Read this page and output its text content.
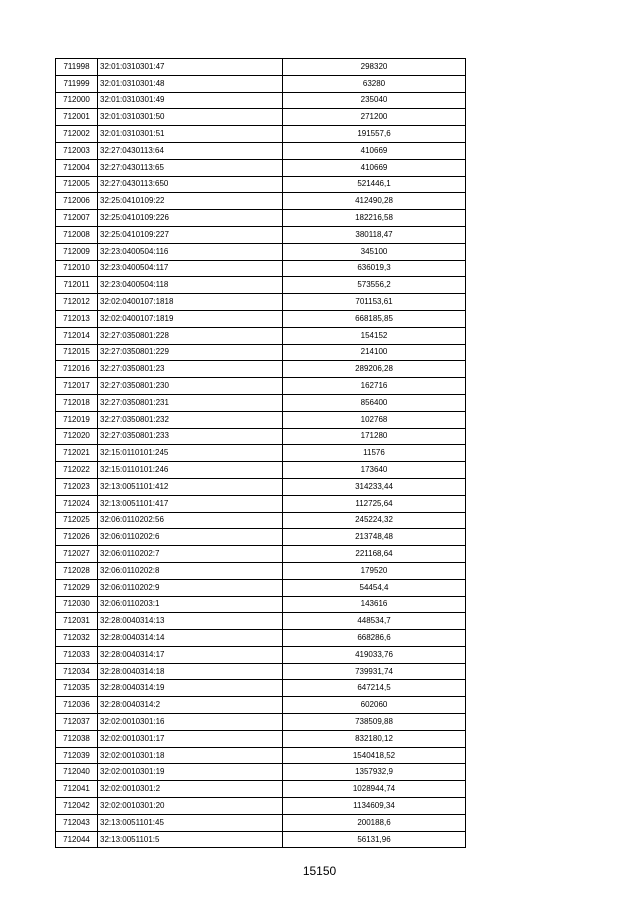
711998	32:01:0310301:47	298320
711999	32:01:0310301:48	63280
712000	32:01:0310301:49	235040
712001	32:01:0310301:50	271200
712002	32:01:0310301:51	191557,6
712003	32:27:0430113:64	410669
712004	32:27:0430113:65	410669
712005	32:27:0430113:650	521446,1
712006	32:25:0410109:22	412490,28
712007	32:25:0410109:226	182216,58
712008	32:25:0410109:227	380118,47
712009	32:23:0400504:116	345100
712010	32:23:0400504:117	636019,3
712011	32:23:0400504:118	573556,2
712012	32:02:0400107:1818	701153,61
712013	32:02:0400107:1819	668185,85
712014	32:27:0350801:228	154152
712015	32:27:0350801:229	214100
712016	32:27:0350801:23	289206,28
712017	32:27:0350801:230	162716
712018	32:27:0350801:231	856400
712019	32:27:0350801:232	102768
712020	32:27:0350801:233	171280
712021	32:15:0110101:245	11576
712022	32:15:0110101:246	173640
712023	32:13:0051101:412	314233,44
712024	32:13:0051101:417	112725,64
712025	32:06:0110202:56	245224,32
712026	32:06:0110202:6	213748,48
712027	32:06:0110202:7	221168,64
712028	32:06:0110202:8	179520
712029	32:06:0110202:9	54454,4
712030	32:06:0110203:1	143616
712031	32:28:0040314:13	448534,7
712032	32:28:0040314:14	668286,6
712033	32:28:0040314:17	419033,76
712034	32:28:0040314:18	739931,74
712035	32:28:0040314:19	647214,5
712036	32:28:0040314:2	602060
712037	32:02:0010301:16	738509,88
712038	32:02:0010301:17	832180,12
712039	32:02:0010301:18	1540418,52
712040	32:02:0010301:19	1357932,9
712041	32:02:0010301:2	1028944,74
712042	32:02:0010301:20	1134609,34
712043	32:13:0051101:45	200188,6
712044	32:13:0051101:5	56131,96
15150
